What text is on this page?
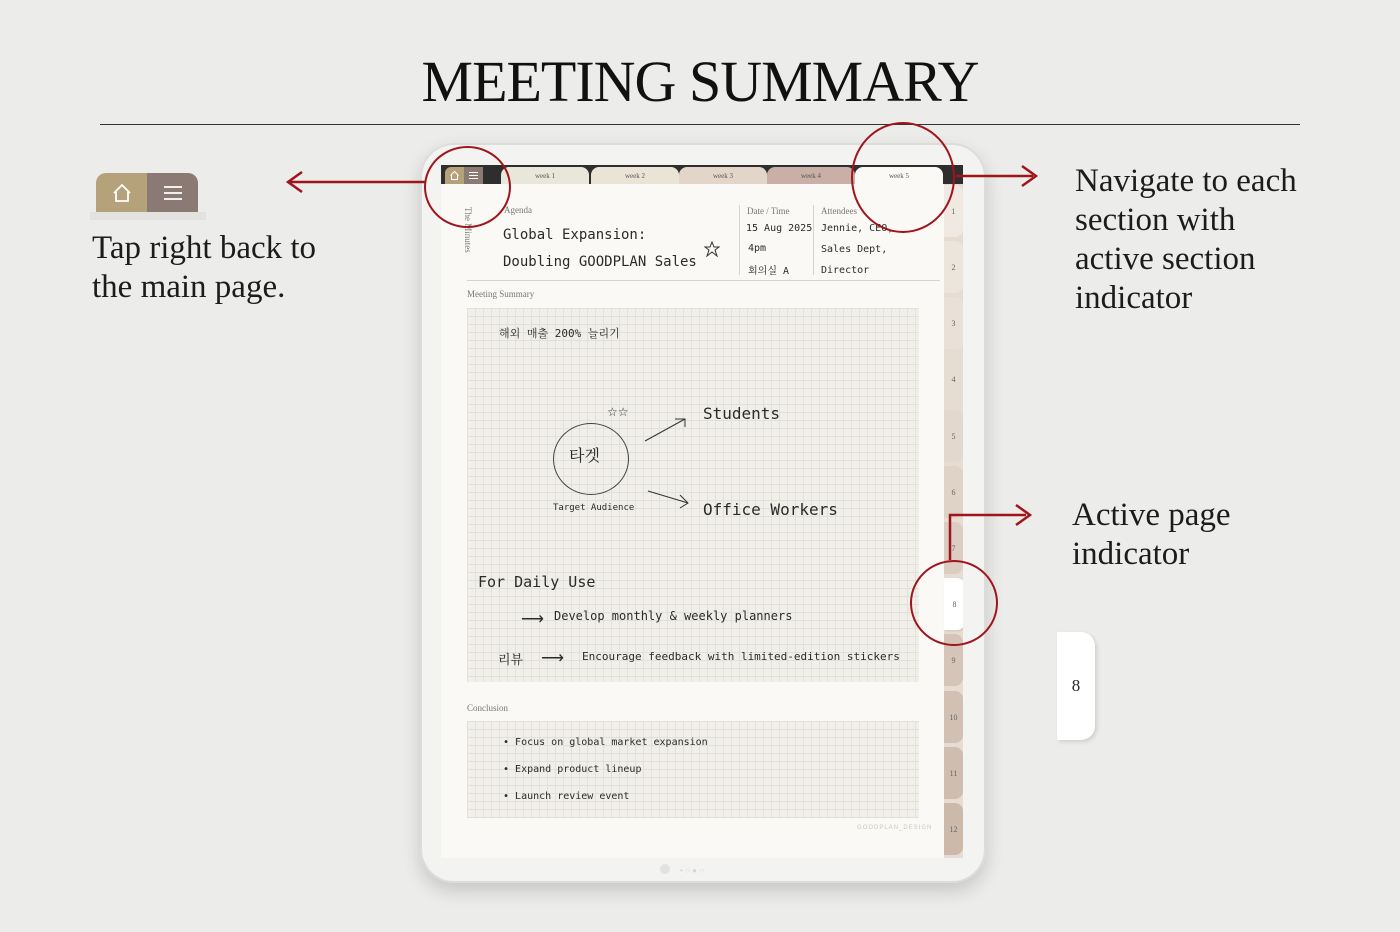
MEETING SUMMARY
Tap right back to the main page.
Navigate to each section with active section indicator
Active page indicator
8
week 1	week 2	week 3	week 4	week 5
1
2
3
4
5
6
7
8
9
10
11
12
The Minutes	Agenda
Global Expansion:
Doubling GOODPLAN Sales
Date / Time
15 Aug 2025
4pm
회의실 A
Attendees
Jennie, CEO,
Sales Dept,
Director
Meeting Summary
해외 매출 200% 늘리기
타겟
Target Audience
☆☆	Students
Office Workers
For Daily Use
⟶ Develop monthly & weekly planners
리뷰 ⟶ Encourage feedback with limited-edition stickers
Conclusion
• Focus on global market expansion
• Expand product lineup
• Launch review event
GOODPLAN_DESIGN
• ○ ● ○
